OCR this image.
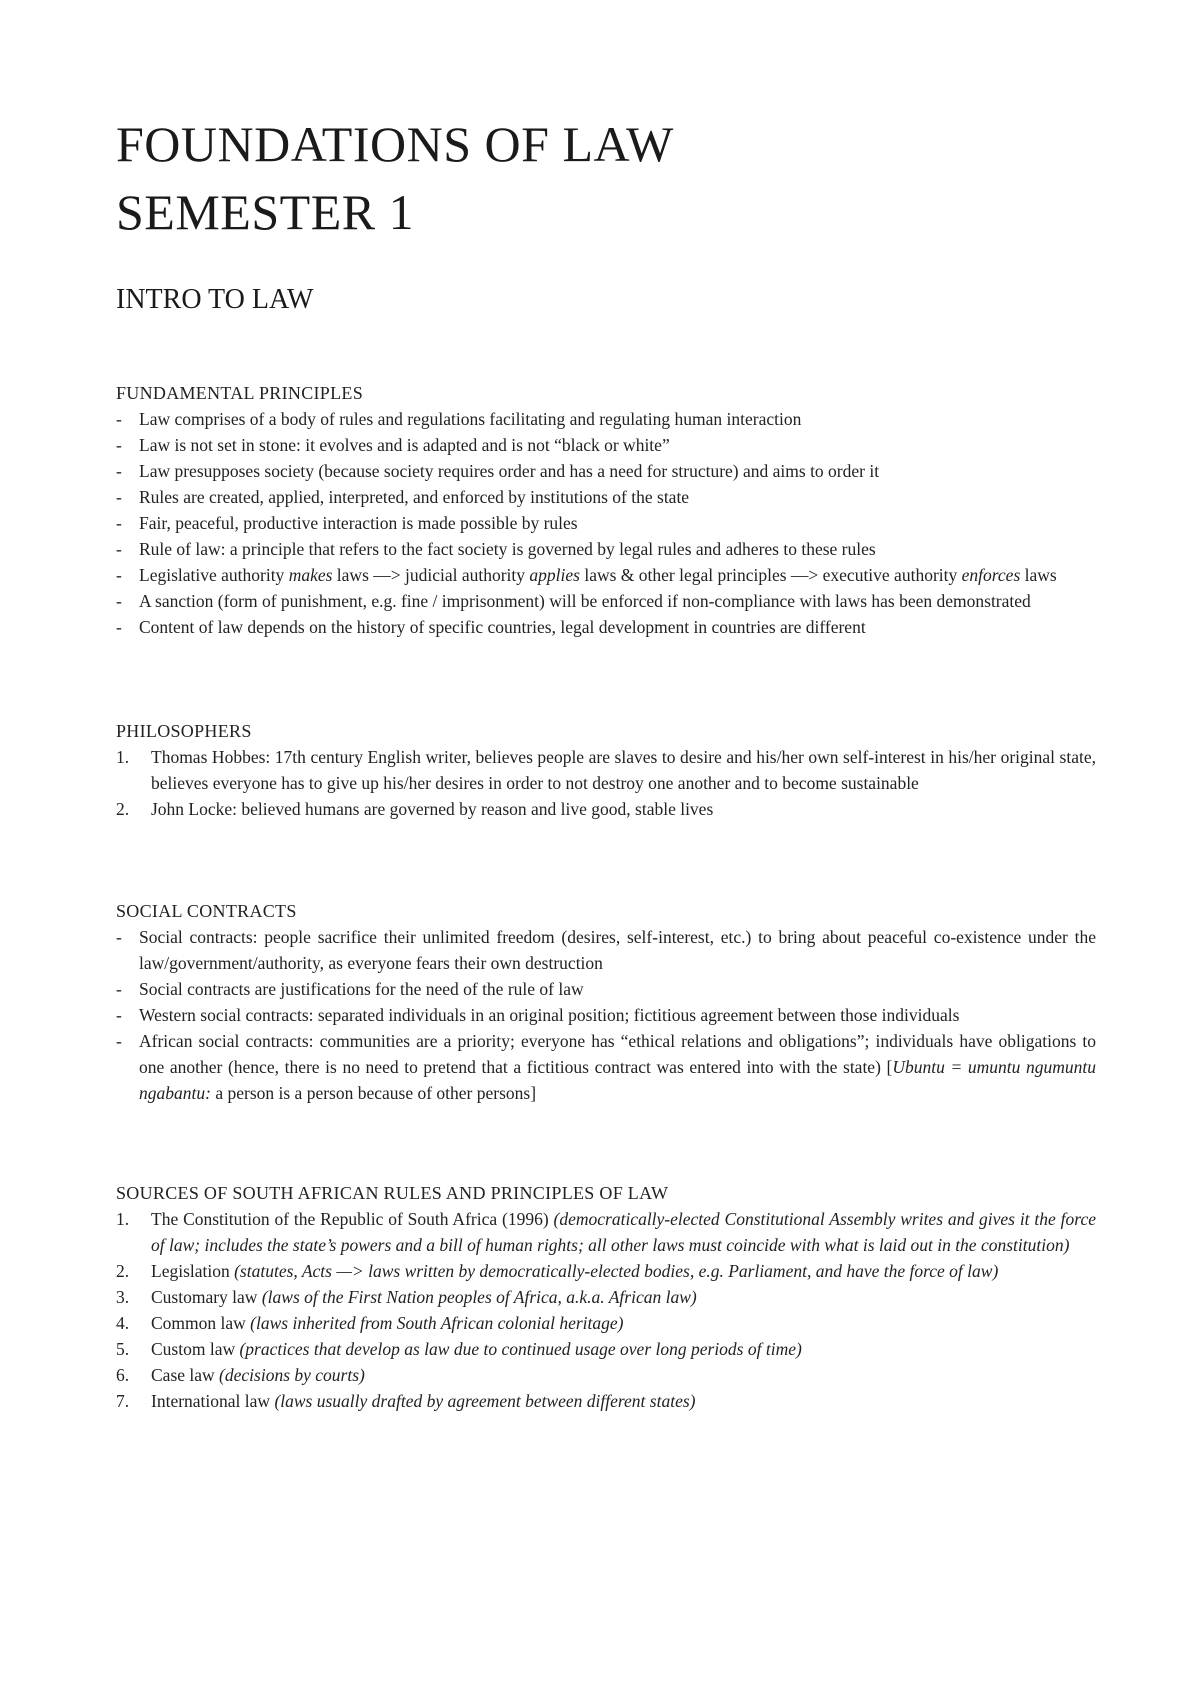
FOUNDATIONS OF LAW
SEMESTER 1
INTRO TO LAW
FUNDAMENTAL PRINCIPLES
- Law comprises of a body of rules and regulations facilitating and regulating human interaction
- Law is not set in stone: it evolves and is adapted and is not “black or white”
- Law presupposes society (because society requires order and has a need for structure) and aims to order it
- Rules are created, applied, interpreted, and enforced by institutions of the state
- Fair, peaceful, productive interaction is made possible by rules
- Rule of law: a principle that refers to the fact society is governed by legal rules and adheres to these rules
- Legislative authority makes laws —> judicial authority applies laws & other legal principles —> executive authority enforces laws
- A sanction (form of punishment, e.g. fine / imprisonment) will be enforced if non-compliance with laws has been demonstrated
- Content of law depends on the history of specific countries, legal development in countries are different
PHILOSOPHERS
1. Thomas Hobbes: 17th century English writer, believes people are slaves to desire and his/her own self-interest in his/her original state, believes everyone has to give up his/her desires in order to not destroy one another and to become sustainable
2. John Locke: believed humans are governed by reason and live good, stable lives
SOCIAL CONTRACTS
- Social contracts: people sacrifice their unlimited freedom (desires, self-interest, etc.) to bring about peaceful co-existence under the law/government/authority, as everyone fears their own destruction
- Social contracts are justifications for the need of the rule of law
- Western social contracts: separated individuals in an original position; fictitious agreement between those individuals
- African social contracts: communities are a priority; everyone has “ethical relations and obligations”; individuals have obligations to one another (hence, there is no need to pretend that a fictitious contract was entered into with the state) [Ubuntu = umuntu ngumuntu ngabantu: a person is a person because of other persons]
SOURCES OF SOUTH AFRICAN RULES AND PRINCIPLES OF LAW
1. The Constitution of the Republic of South Africa (1996) (democratically-elected Constitutional Assembly writes and gives it the force of law; includes the state’s powers and a bill of human rights; all other laws must coincide with what is laid out in the constitution)
2. Legislation (statutes, Acts —> laws written by democratically-elected bodies, e.g. Parliament, and have the force of law)
3. Customary law (laws of the First Nation peoples of Africa, a.k.a. African law)
4. Common law (laws inherited from South African colonial heritage)
5. Custom law (practices that develop as law due to continued usage over long periods of time)
6. Case law (decisions by courts)
7. International law (laws usually drafted by agreement between different states)
